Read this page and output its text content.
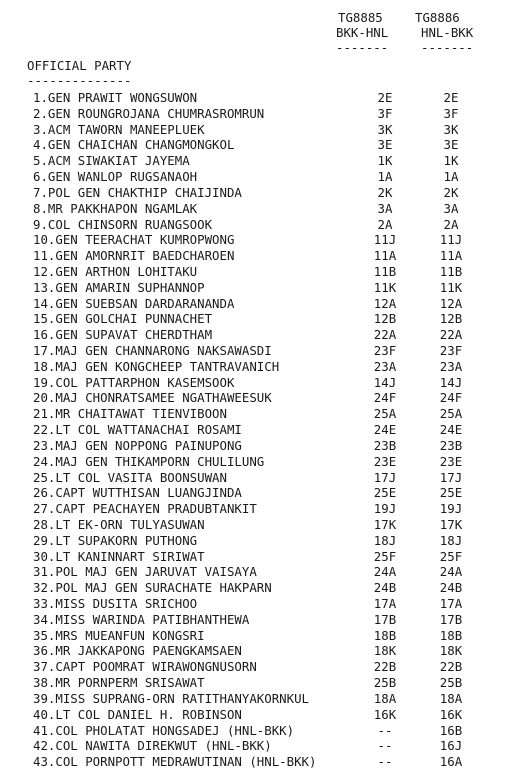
TG8885	TG8886
BKK-HNL	HNL-BKK
-------	-------
OFFICIAL PARTY
--------------
1.GEN PRAWIT WONGSUWON	2E	2E
2.GEN ROUNGROJANA CHUMRASROMRUN	3F	3F
3.ACM TAWORN MANEEPLUEK	3K	3K
4.GEN CHAICHAN CHANGMONGKOL	3E	3E
5.ACM SIWAKIAT JAYEMA	1K	1K
6.GEN WANLOP RUGSANAOH	1A	1A
7.POL GEN CHAKTHIP CHAIJINDA	2K	2K
8.MR PAKKHAPON NGAMLAK	3A	3A
9.COL CHINSORN RUANGSOOK	2A	2A
10.GEN TEERACHAT KUMROPWONG	11J	11J
11.GEN AMORNRIT BAEDCHAROEN	11A	11A
12.GEN ARTHON LOHITAKU	11B	11B
13.GEN AMARIN SUPHANNOP	11K	11K
14.GEN SUEBSAN DARDARANANDA	12A	12A
15.GEN GOLCHAI PUNNACHET	12B	12B
16.GEN SUPAVAT CHERDTHAM	22A	22A
17.MAJ GEN CHANNARONG NAKSAWASDI	23F	23F
18.MAJ GEN KONGCHEEP TANTRAVANICH	23A	23A
19.COL PATTARPHON KASEMSOOK	14J	14J
20.MAJ CHONRATSAMEE NGATHAWEESUK	24F	24F
21.MR CHAITAWAT TIENVIBOON	25A	25A
22.LT COL WATTANACHAI ROSAMI	24E	24E
23.MAJ GEN NOPPONG PAINUPONG	23B	23B
24.MAJ GEN THIKAMPORN CHULILUNG	23E	23E
25.LT COL VASITA BOONSUWAN	17J	17J
26.CAPT WUTTHISAN LUANGJINDA	25E	25E
27.CAPT PEACHAYEN PRADUBTANKIT	19J	19J
28.LT EK-ORN TULYASUWAN	17K	17K
29.LT SUPAKORN PUTHONG	18J	18J
30.LT KANINNART SIRIWAT	25F	25F
31.POL MAJ GEN JARUVAT VAISAYA	24A	24A
32.POL MAJ GEN SURACHATE HAKPARN	24B	24B
33.MISS DUSITA SRICHOO	17A	17A
34.MISS WARINDA PATIBHANTHEWA	17B	17B
35.MRS MUEANFUN KONGSRI	18B	18B
36.MR JAKKAPONG PAENGKAMSAEN	18K	18K
37.CAPT POOMRAT WIRAWONGNUSORN	22B	22B
38.MR PORNPERM SRISAWAT	25B	25B
39.MISS SUPRANG-ORN RATITHANYAKORNKUL	18A	18A
40.LT COL DANIEL H. ROBINSON	16K	16K
41.COL PHOLATAT HONGSADEJ (HNL-BKK)	--	16B
42.COL NAWITA DIREKWUT (HNL-BKK)	--	16J
43.COL PORNPOTT MEDRAWUTINAN (HNL-BKK)	--	16A
